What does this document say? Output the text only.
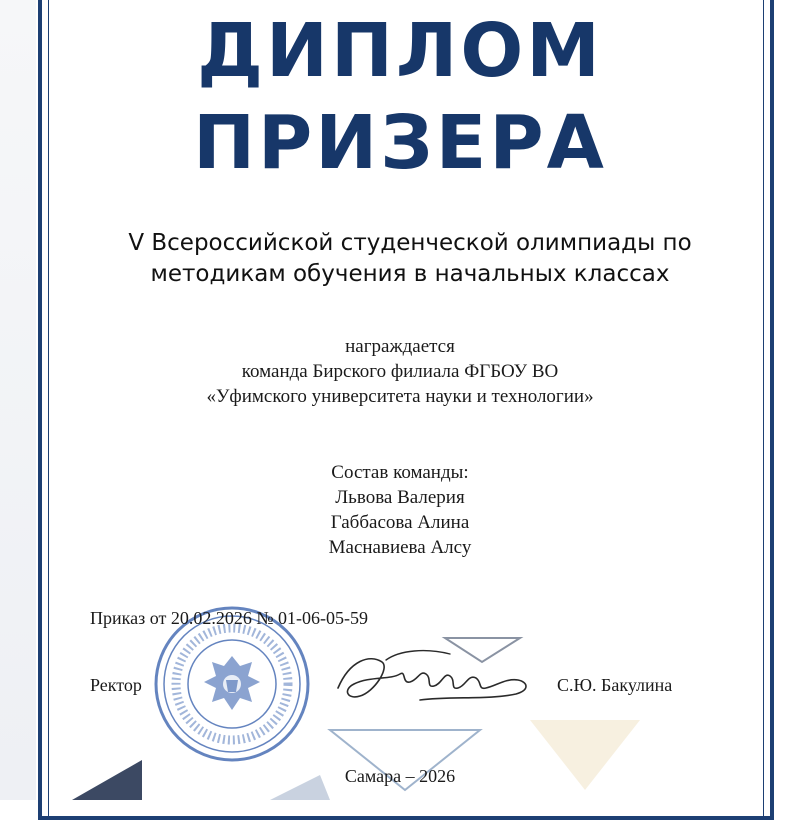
ДИПЛОМ
ПРИЗЕРА
V Всероссийской студенческой олимпиады по
методикам обучения в начальных классах
награждается
команда Бирского филиала ФГБОУ ВО
«Уфимского университета науки и технологии»
Состав команды:
Львова Валерия
Габбасова Алина
Маснавиева Алсу
Приказ от 20.02.2026 № 01-06-05-59
Ректор	С.Ю. Бакулина
Самара – 2026
